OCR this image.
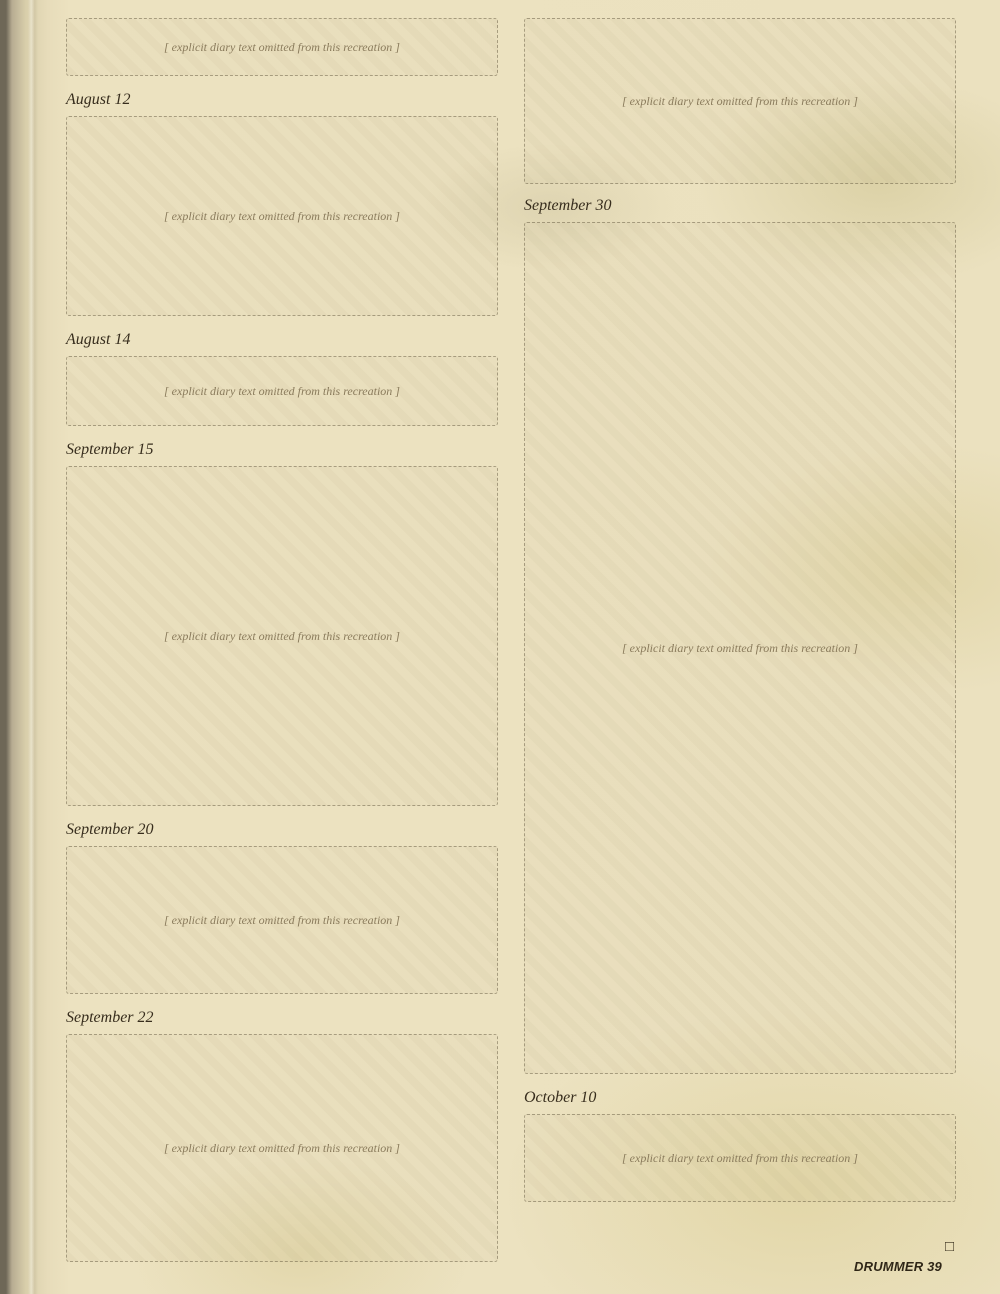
[ explicit diary text omitted from this recreation ]
August 12
[ explicit diary text omitted from this recreation ]
August 14
[ explicit diary text omitted from this recreation ]
September 15
[ explicit diary text omitted from this recreation ]
September 20
[ explicit diary text omitted from this recreation ]
September 22
[ explicit diary text omitted from this recreation ]
[ explicit diary text omitted from this recreation ]
September 30
[ explicit diary text omitted from this recreation ]
October 10
[ explicit diary text omitted from this recreation ]
□
DRUMMER 39
